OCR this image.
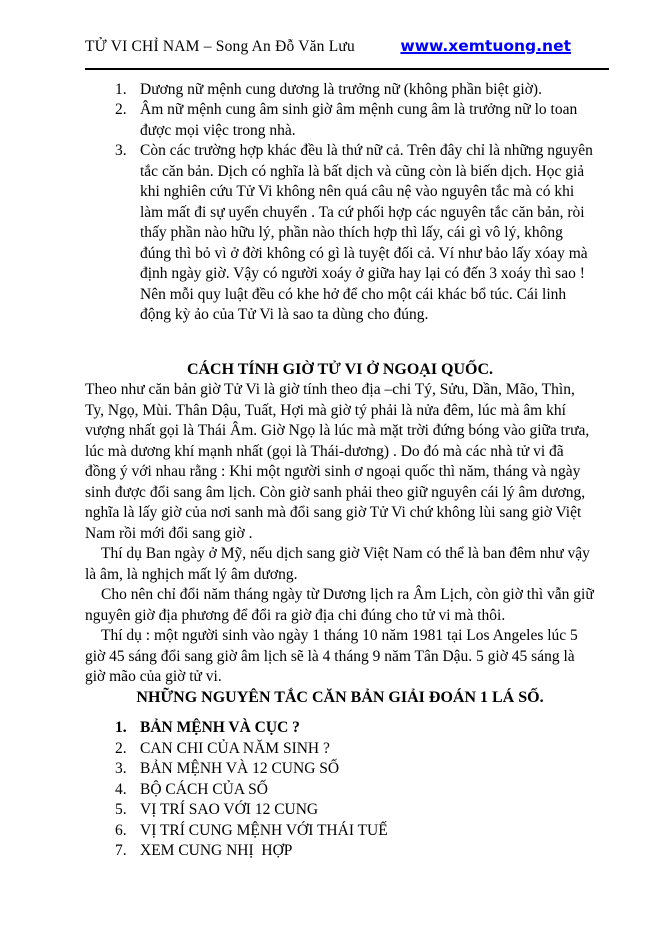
TỬ VI CHỈ NAM – Song An Đỗ Văn Lưu	www.xemtuong.net
1. Dương nữ mệnh cung dương là trưởng nữ (không phần biệt giờ).
2. Âm nữ mệnh cung âm sinh giờ âm mệnh cung âm là trưởng nữ lo toan được mọi việc trong nhà.
3. Còn các trường hợp khác đều là thứ nữ cả. Trên đây chỉ là những nguyên tắc căn bản. Dịch có nghĩa là bất dịch và cũng còn là biến dịch. Học giả khi nghiên cứu Tử Vi không nên quá câu nệ vào nguyên tắc mà có khi làm mất đi sự uyển chuyển . Ta cứ phối hợp các nguyên tắc căn bản, ròi thấy phần nào hữu lý, phần nào thích hợp thì lấy, cái gì vô lý, không đúng thì bỏ vì ở đời không có gì là tuyệt đối cả. Ví như bảo lấy xóay mà định ngày giờ. Vậy có người xoáy ở giữa hay lại có đến 3 xoáy thì sao ! Nên mỗi quy luật đều có khe hở để cho một cái khác bổ túc. Cái linh động kỳ ảo của Tử Vi là sao ta dùng cho đúng.
CÁCH TÍNH GIỜ TỬ VI Ở NGOẠI QUỐC.

Theo như căn bản giờ Tử Vi là giờ tính theo địa –chi Tý, Sửu, Dần, Mão, Thìn, Ty, Ngọ, Mùi. Thân Dậu, Tuất, Hợi mà giờ tý phải là nửa đêm, lúc mà âm khí vượng nhất gọi là Thái Âm. Giờ Ngọ là lúc mà mặt trời đứng bóng vào giữa trưa, lúc mà dương khí mạnh nhất (gọi là Thái-dương) . Do đó mà các nhà tử vi đã đồng ý với nhau rằng : Khi một người sinh ơ ngoại quốc thì năm, tháng và ngày sinh được đổi sang âm lịch. Còn giờ sanh phải theo giữ nguyên cái lý âm dương, nghĩa là lấy giờ của nơi sanh mà đổi sang giờ Tử Vi chứ không lùi sang giờ Việt Nam rồi mới đổi sang giờ .

Thí dụ Ban ngày ở Mỹ, nếu dịch sang giờ Việt Nam có thể là ban đêm như vậy là âm, là nghịch mất lý âm dương.

Cho nên chỉ đổi năm tháng ngày từ Dương lịch ra Âm Lịch, còn giờ thì vẫn giữ nguyên giờ địa phương để đổi ra giờ địa chi đúng cho tử vi mà thôi.

Thí dụ : một người sinh vào ngày 1 tháng 10 năm 1981 tại Los Angeles lúc 5 giờ 45 sáng đổi sang giờ âm lịch sẽ là 4 tháng 9 năm Tân Dậu. 5 giờ 45 sáng là giờ mão của giờ tử vi.

NHỮNG NGUYÊN TẮC CĂN BẢN GIẢI ĐOÁN 1 LÁ SỐ.
1. BẢN MỆNH VÀ CỤC ?
2. CAN CHI CỦA NĂM SINH ?
3. BẢN MỆNH VÀ 12 CUNG SỐ
4. BỘ CÁCH CỦA SỐ
5. VỊ TRÍ SAO VỚI 12 CUNG
6. VỊ TRÍ CUNG MỆNH VỚI THÁI TUẾ
7. XEM CUNG NHỊ  HỢP
